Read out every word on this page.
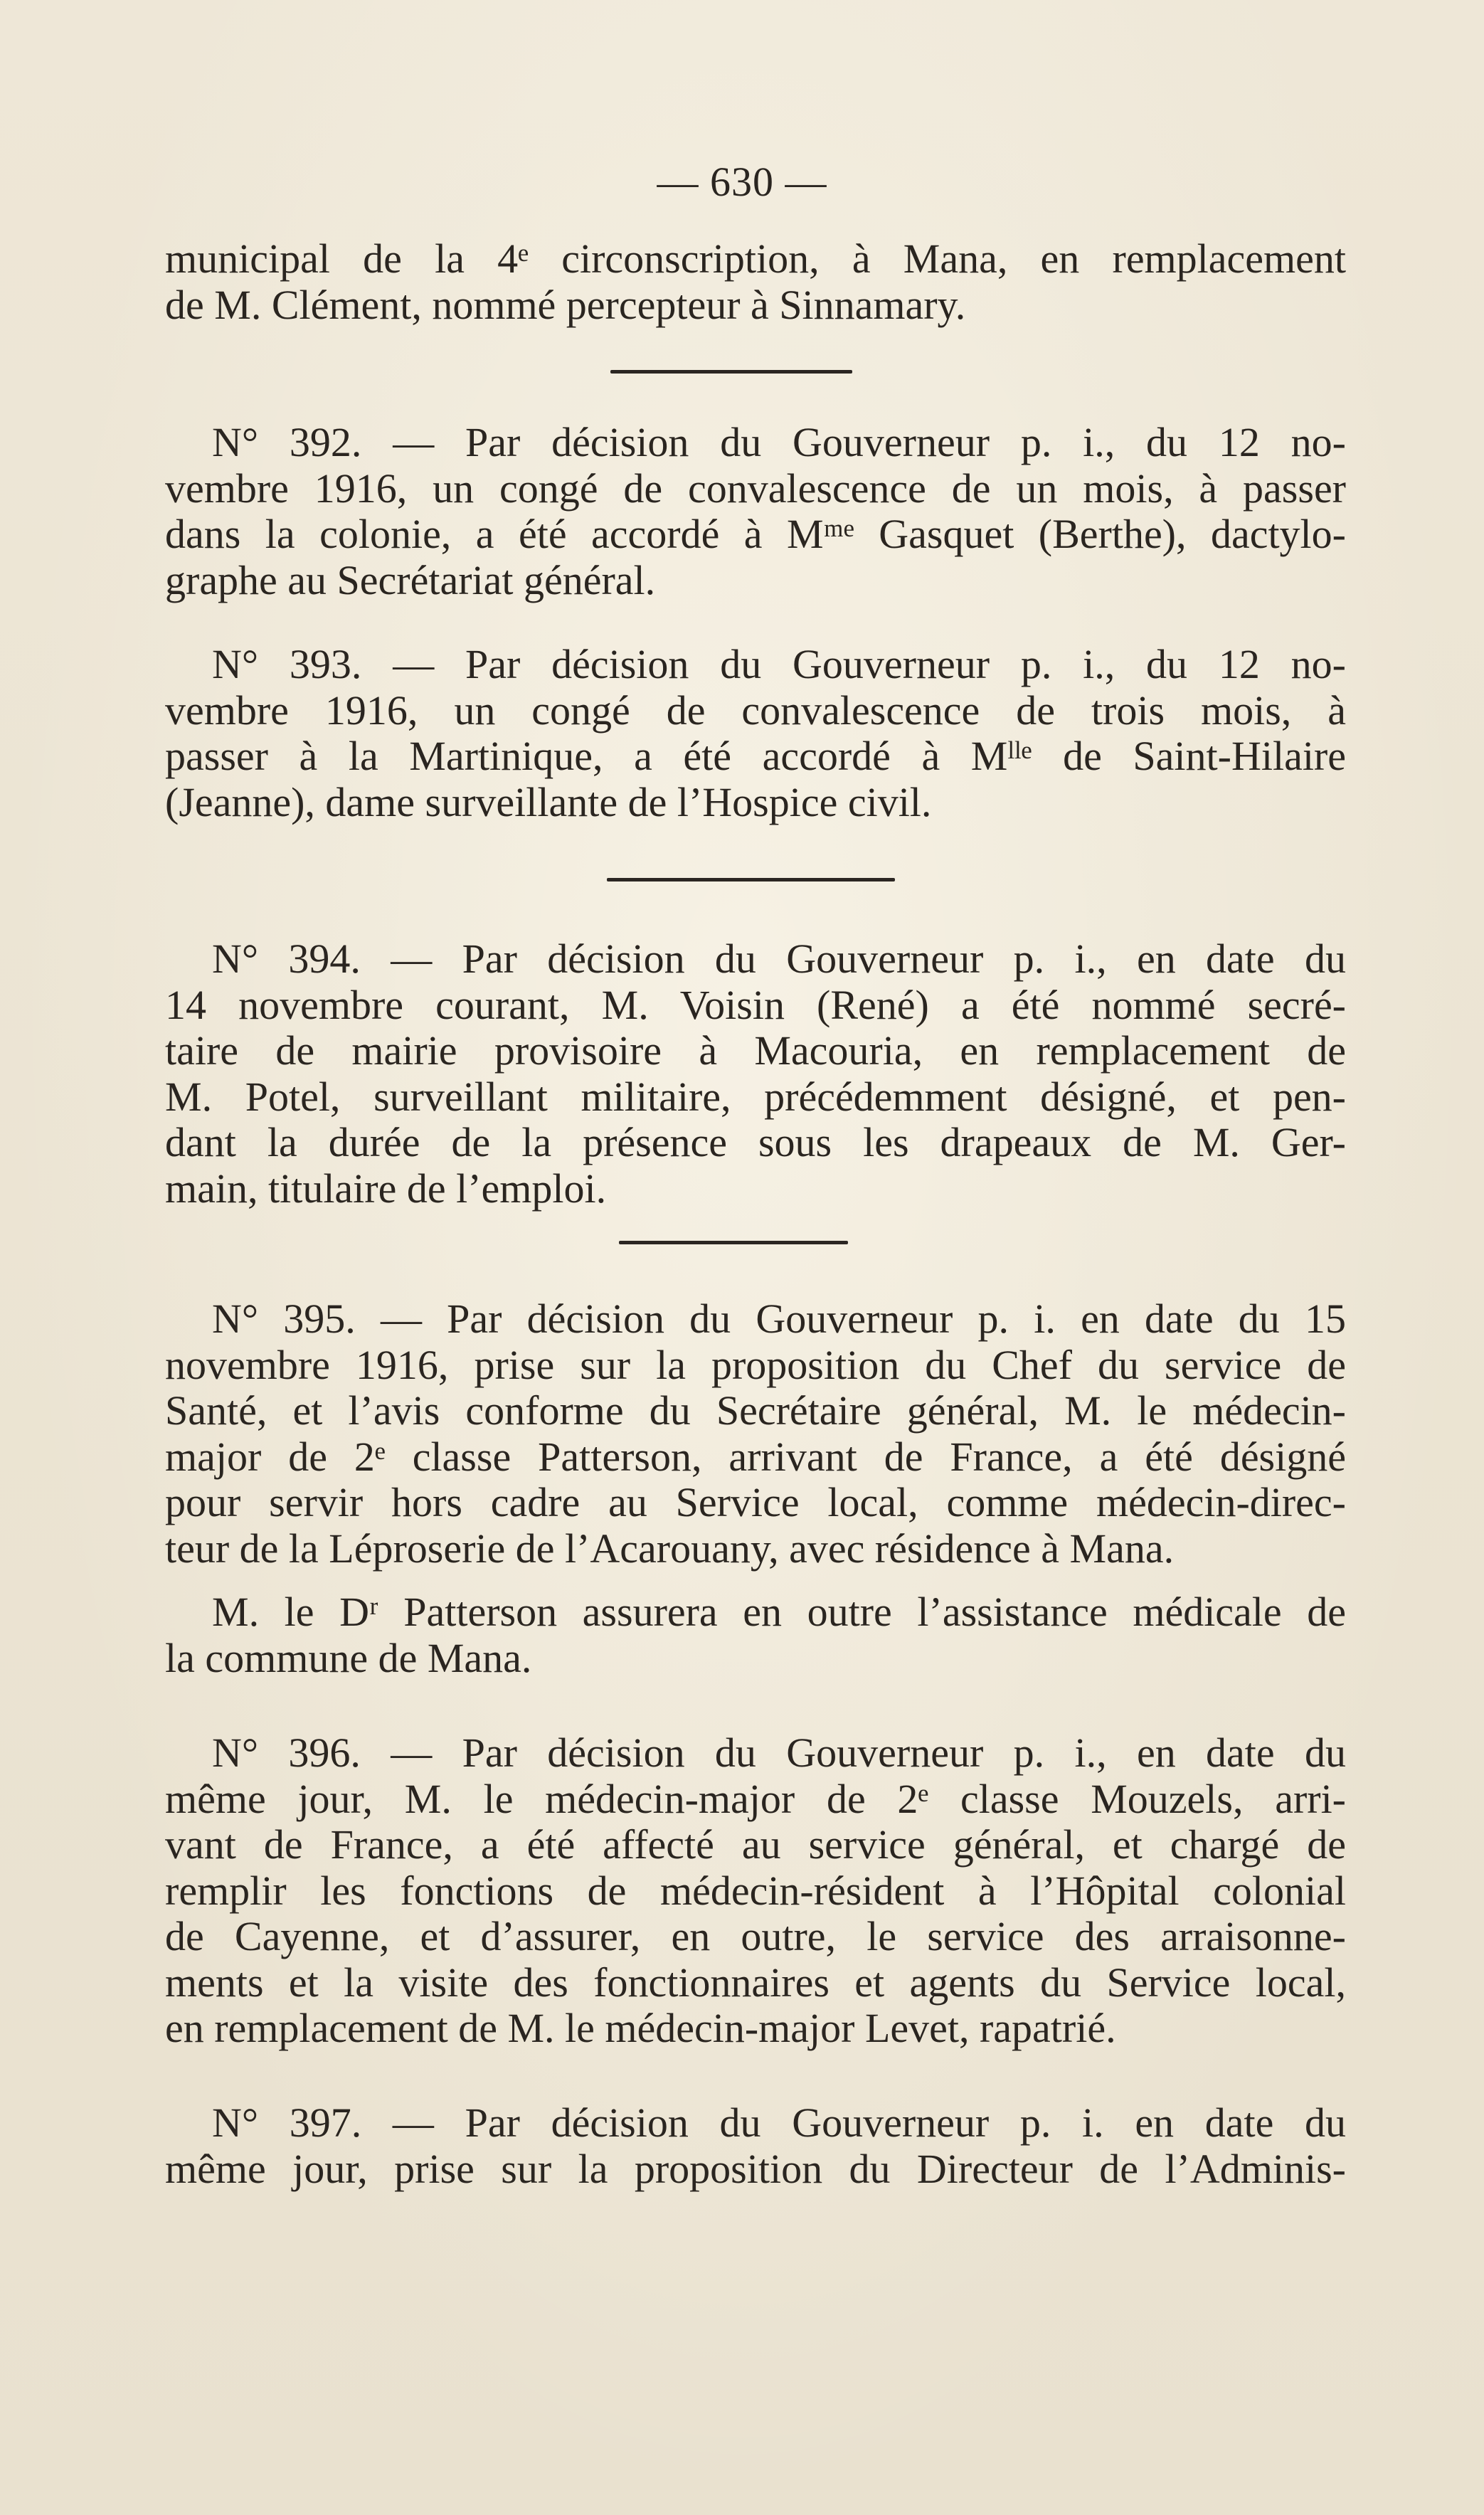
— 630 —
municipal de la 4ᵉ circonscription, à Mana, en remplacement
de M. Clément, nommé percepteur à Sinnamary.
N° 392. — Par décision du Gouverneur p. i., du 12 no-
vembre 1916, un congé de convalescence de un mois, à passer
dans la colonie, a été accordé à Mᵐᵉ Gasquet (Berthe), dactylo-
graphe au Secrétariat général.
N° 393. — Par décision du Gouverneur p. i., du 12 no-
vembre 1916, un congé de convalescence de trois mois, à
passer à la Martinique, a été accordé à Mˡˡᵉ de Saint-Hilaire
(Jeanne), dame surveillante de l’Hospice civil.
N° 394. — Par décision du Gouverneur p. i., en date du
14 novembre courant, M. Voisin (René) a été nommé secré-
taire de mairie provisoire à Macouria, en remplacement de
M. Potel, surveillant militaire, précédemment désigné, et pen-
dant la durée de la présence sous les drapeaux de M. Ger-
main, titulaire de l’emploi.
N° 395. — Par décision du Gouverneur p. i. en date du 15
novembre 1916, prise sur la proposition du Chef du service de
Santé, et l’avis conforme du Secrétaire général, M. le médecin-
major de 2ᵉ classe Patterson, arrivant de France, a été désigné
pour servir hors cadre au Service local, comme médecin-direc-
teur de la Léproserie de l’Acarouany, avec résidence à Mana.
M. le Dʳ Patterson assurera en outre l’assistance médicale de
la commune de Mana.
N° 396. — Par décision du Gouverneur p. i., en date du
même jour, M. le médecin-major de 2ᵉ classe Mouzels, arri-
vant de France, a été affecté au service général, et chargé de
remplir les fonctions de médecin-résident à l’Hôpital colonial
de Cayenne, et d’assurer, en outre, le service des arraisonne-
ments et la visite des fonctionnaires et agents du Service local,
en remplacement de M. le médecin-major Levet, rapatrié.
N° 397. — Par décision du Gouverneur p. i. en date du
même jour, prise sur la proposition du Directeur de l’Adminis-
